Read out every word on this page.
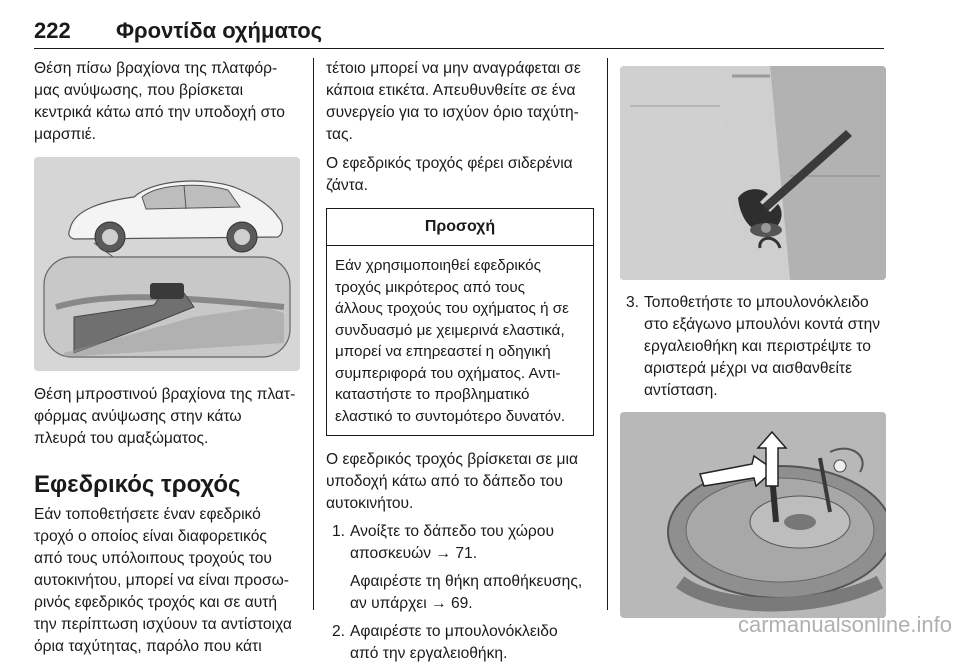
222 Φροντίδα οχήματος

Θέση πίσω βραχίονα της πλατφόρ-
μας ανύψωσης, που βρίσκεται
κεντρικά κάτω από την υποδοχή στο
μαρσπιέ.

Θέση μπροστινού βραχίονα της πλατ-
φόρμας ανύψωσης στην κάτω
πλευρά του αμαξώματος.

Εφεδρικός τροχός

Εάν τοποθετήσετε έναν εφεδρικό
τροχό ο οποίος είναι διαφορετικός
από τους υπόλοιπους τροχούς του
αυτοκινήτου, μπορεί να είναι προσω-
ρινός εφεδρικός τροχός και σε αυτή
την περίπτωση ισχύουν τα αντίστοιχα
όρια ταχύτητας, παρόλο που κάτι

τέτοιο μπορεί να μην αναγράφεται σε
κάποια ετικέτα. Απευθυνθείτε σε ένα
συνεργείο για το ισχύον όριο ταχύτη-
τας.

Ο εφεδρικός τροχός φέρει σιδερένια
ζάντα.

Προσοχή
Εάν χρησιμοποιηθεί εφεδρικός
τροχός μικρότερος από τους
άλλους τροχούς του οχήματος ή σε
συνδυασμό με χειμερινά ελαστικά,
μπορεί να επηρεαστεί η οδηγική
συμπεριφορά του οχήματος. Αντι-
καταστήστε το προβληματικό
ελαστικό το συντομότερο δυνατόν.

Ο εφεδρικός τροχός βρίσκεται σε μια
υποδοχή κάτω από το δάπεδο του
αυτοκινήτου.

1. Ανοίξτε το δάπεδο του χώρου
αποσκευών → 71.

Αφαιρέστε τη θήκη αποθήκευσης,
αν υπάρχει → 69.

2. Αφαιρέστε το μπουλονόκλειδο
από την εργαλειοθήκη.

3. Τοποθετήστε το μπουλονόκλειδο
στο εξάγωνο μπουλόνι κοντά στην
εργαλειοθήκη και περιστρέψτε το
αριστερά μέχρι να αισθανθείτε
αντίσταση.

carmanualsonline.info
